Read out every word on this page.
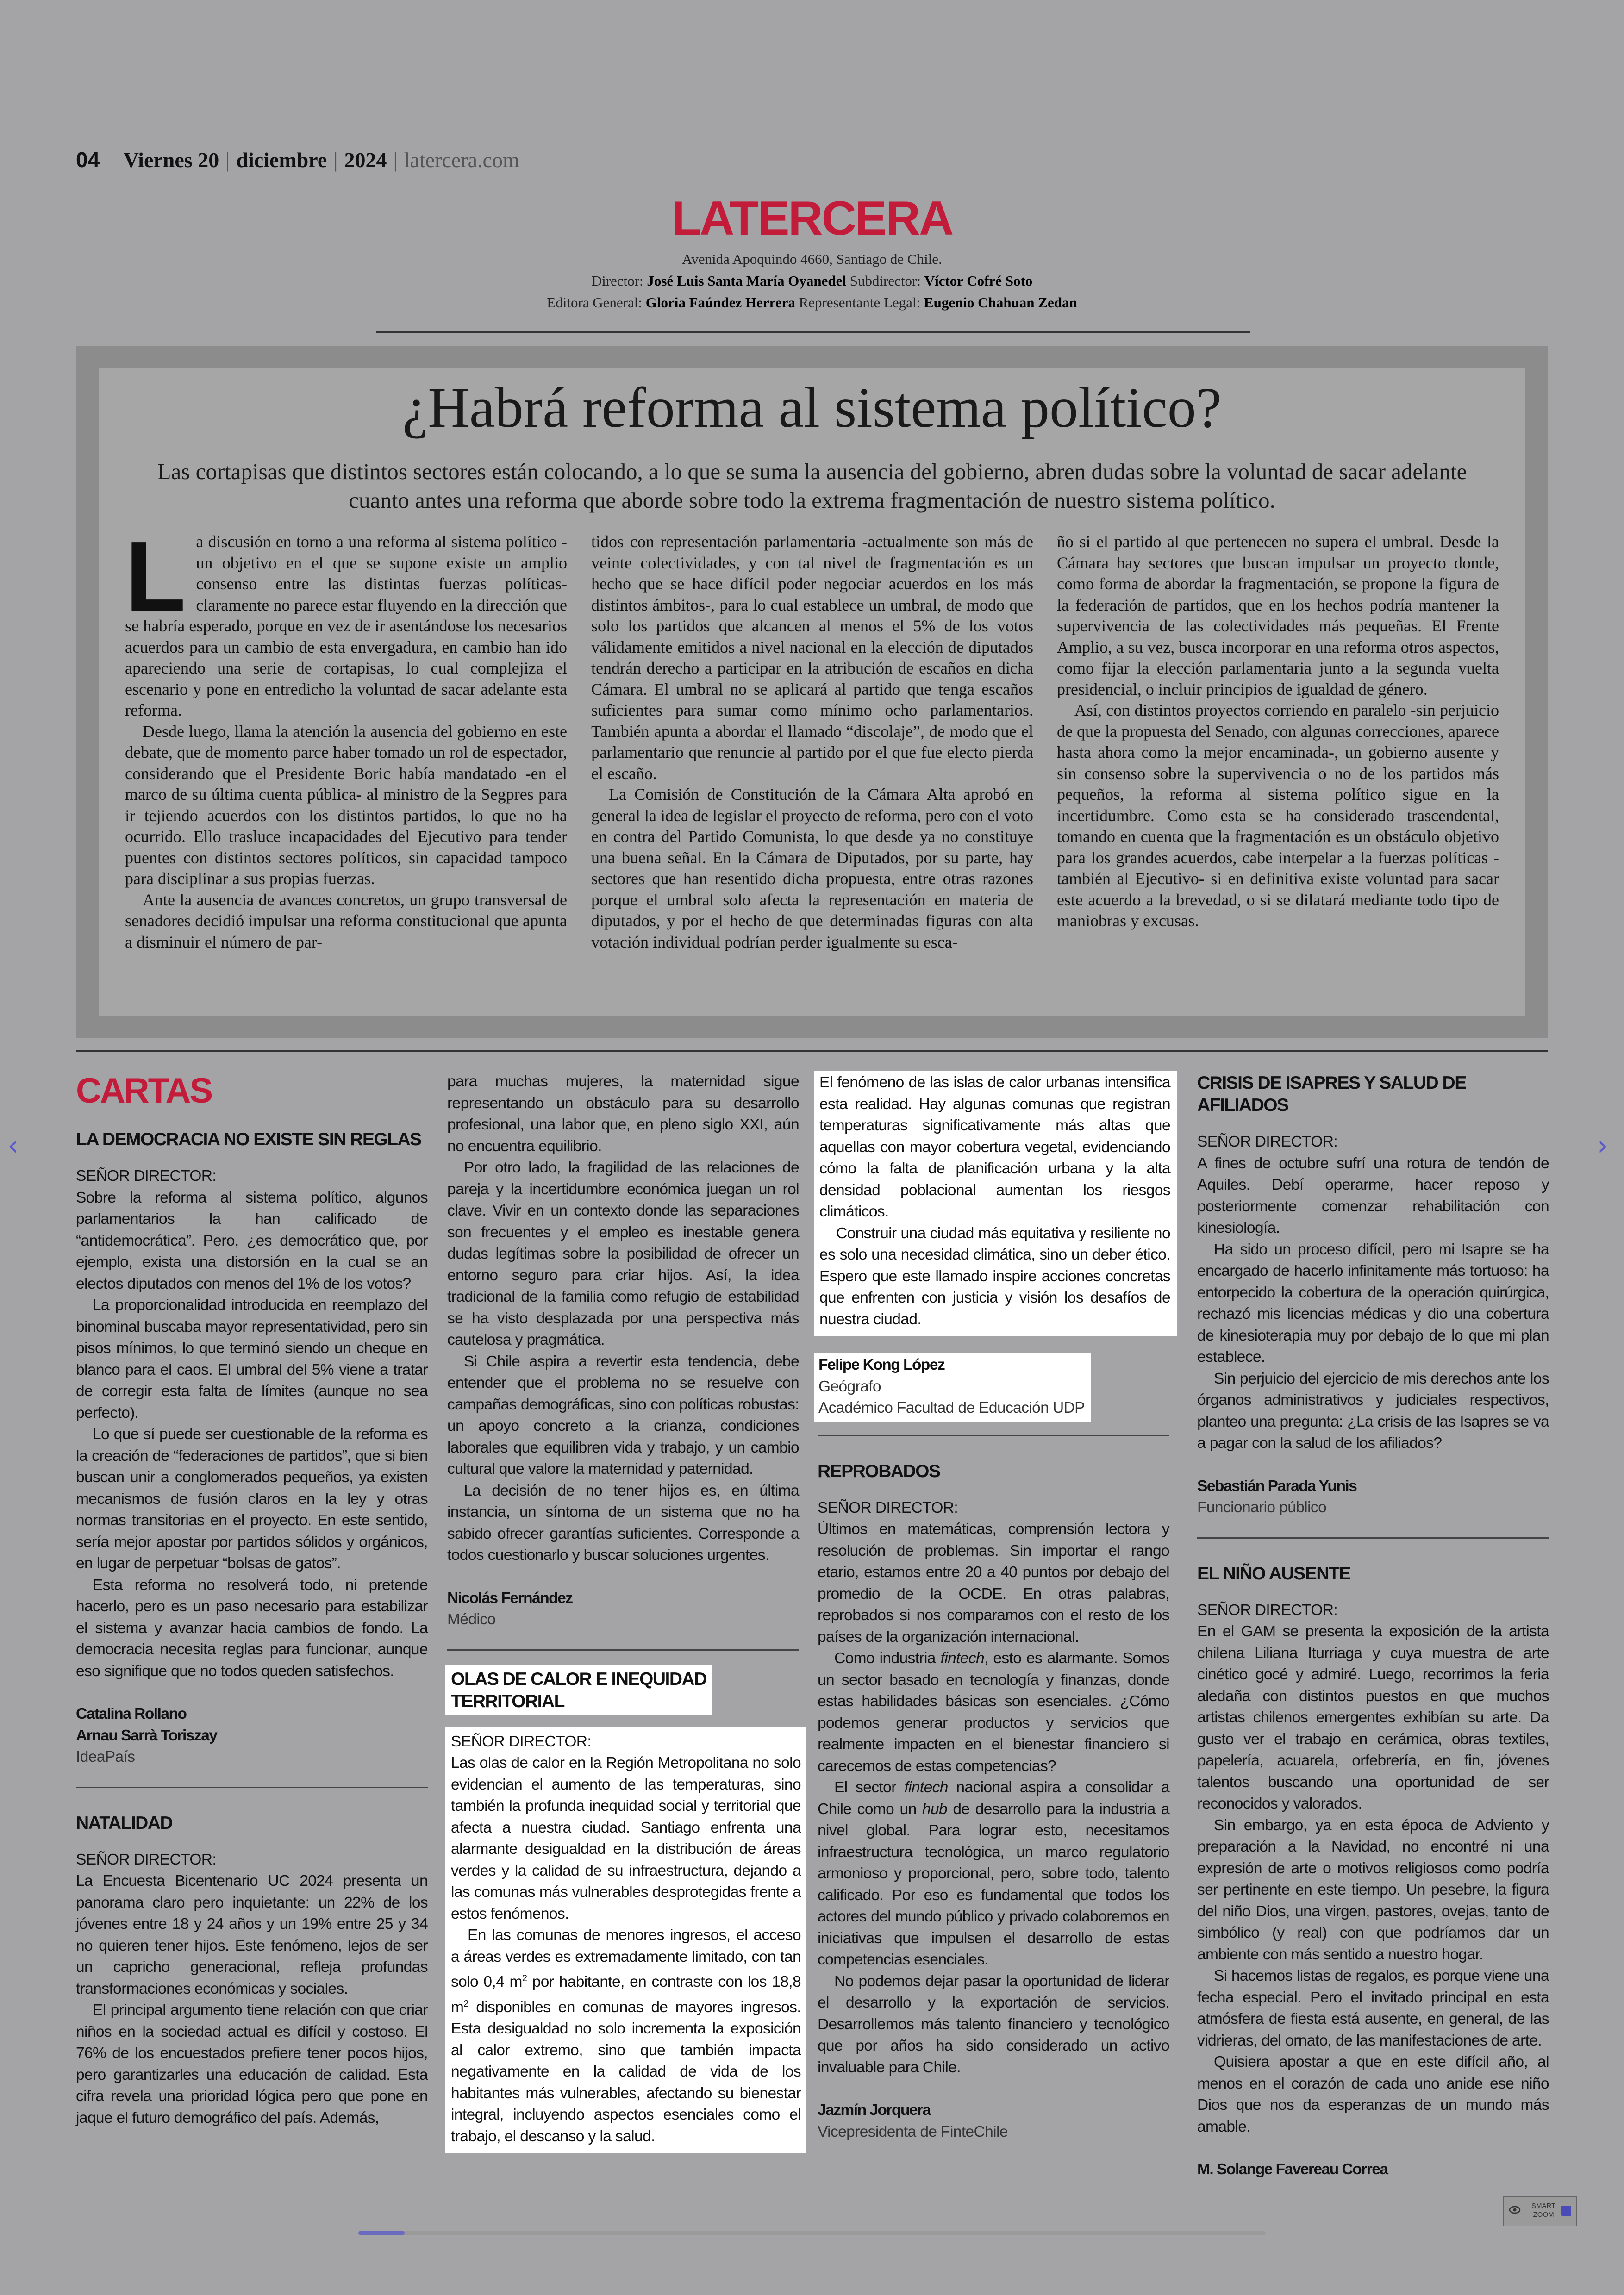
04 Viernes 20 | diciembre | 2024 | latercera.com
LATERCERA
Avenida Apoquindo 4660, Santiago de Chile.
Director: José Luis Santa María Oyanedel Subdirector: Víctor Cofré Soto
Editora General: Gloria Faúndez Herrera Representante Legal: Eugenio Chahuan Zedan
¿Habrá reforma al sistema político?
Las cortapisas que distintos sectores están colocando, a lo que se suma la ausencia del gobierno, abren dudas sobre la voluntad de sacar adelante cuanto antes una reforma que aborde sobre todo la extrema fragmentación de nuestro sistema político.

La discusión en torno a una reforma al sistema político -un objetivo en el que se supone existe un amplio consenso entre las distintas fuerzas políticas- claramente no parece estar fluyendo en la dirección que se habría esperado, porque en vez de ir asentándose los necesarios acuerdos para un cambio de esta envergadura, en cambio han ido apareciendo una serie de cortapisas, lo cual complejiza el escenario y pone en entredicho la voluntad de sacar adelante esta reforma.

Desde luego, llama la atención la ausencia del gobierno en este debate, que de momento parce haber tomado un rol de espectador, considerando que el Presidente Boric había mandatado -en el marco de su última cuenta pública- al ministro de la Segpres para ir tejiendo acuerdos con los distintos partidos, lo que no ha ocurrido. Ello trasluce incapacidades del Ejecutivo para tender puentes con distintos sectores políticos, sin capacidad tampoco para disciplinar a sus propias fuerzas.

Ante la ausencia de avances concretos, un grupo transversal de senadores decidió impulsar una reforma constitucional que apunta a disminuir el número de par-

tidos con representación parlamentaria -actualmente son más de veinte colectividades, y con tal nivel de fragmentación es un hecho que se hace difícil poder negociar acuerdos en los más distintos ámbitos-, para lo cual establece un umbral, de modo que solo los partidos que alcancen al menos el 5% de los votos válidamente emitidos a nivel nacional en la elección de diputados tendrán derecho a participar en la atribución de escaños en dicha Cámara. El umbral no se aplicará al partido que tenga escaños suficientes para sumar como mínimo ocho parlamentarios. También apunta a abordar el llamado “discolaje”, de modo que el parlamentario que renuncie al partido por el que fue electo pierda el escaño.

La Comisión de Constitución de la Cámara Alta aprobó en general la idea de legislar el proyecto de reforma, pero con el voto en contra del Partido Comunista, lo que desde ya no constituye una buena señal. En la Cámara de Diputados, por su parte, hay sectores que han resentido dicha propuesta, entre otras razones porque el umbral solo afecta la representación en materia de diputados, y por el hecho de que determinadas figuras con alta votación individual podrían perder igualmente su esca-

ño si el partido al que pertenecen no supera el umbral. Desde la Cámara hay sectores que buscan impulsar un proyecto donde, como forma de abordar la fragmentación, se propone la figura de la federación de partidos, que en los hechos podría mantener la supervivencia de las colectividades más pequeñas. El Frente Amplio, a su vez, busca incorporar en una reforma otros aspectos, como fijar la elección parlamentaria junto a la segunda vuelta presidencial, o incluir principios de igualdad de género.

Así, con distintos proyectos corriendo en paralelo -sin perjuicio de que la propuesta del Senado, con algunas correcciones, aparece hasta ahora como la mejor encaminada-, un gobierno ausente y sin consenso sobre la supervivencia o no de los partidos más pequeños, la reforma al sistema político sigue en la incertidumbre. Como esta se ha considerado trascendental, tomando en cuenta que la fragmentación es un obstáculo objetivo para los grandes acuerdos, cabe interpelar a la fuerzas políticas -también al Ejecutivo- si en definitiva existe voluntad para sacar este acuerdo a la brevedad, o si se dilatará mediante todo tipo de maniobras y excusas.

CARTAS
LA DEMOCRACIA NO EXISTE SIN REGLAS

SEÑOR DIRECTOR:

Sobre la reforma al sistema político, algunos parlamentarios la han calificado de “antidemocrática”. Pero, ¿es democrático que, por ejemplo, exista una distorsión en la cual se an electos diputados con menos del 1% de los votos?

La proporcionalidad introducida en reemplazo del binominal buscaba mayor representatividad, pero sin pisos mínimos, lo que terminó siendo un cheque en blanco para el caos. El umbral del 5% viene a tratar de corregir esta falta de límites (aunque no sea perfecto).

Lo que sí puede ser cuestionable de la reforma es la creación de “federaciones de partidos”, que si bien buscan unir a conglomerados pequeños, ya existen mecanismos de fusión claros en la ley y otras normas transitorias en el proyecto. En este sentido, sería mejor apostar por partidos sólidos y orgánicos, en lugar de perpetuar “bolsas de gatos”.

Esta reforma no resolverá todo, ni pretende hacerlo, pero es un paso necesario para estabilizar el sistema y avanzar hacia cambios de fondo. La democracia necesita reglas para funcionar, aunque eso signifique que no todos queden satisfechos.

Catalina Rollano
Arnau Sarrà Toriszay
IdeaPaís
NATALIDAD

SEÑOR DIRECTOR:

La Encuesta Bicentenario UC 2024 presenta un panorama claro pero inquietante: un 22% de los jóvenes entre 18 y 24 años y un 19% entre 25 y 34 no quieren tener hijos. Este fenómeno, lejos de ser un capricho generacional, refleja profundas transformaciones económicas y sociales.

El principal argumento tiene relación con que criar niños en la sociedad actual es difícil y costoso. El 76% de los encuestados prefiere tener pocos hijos, pero garantizarles una educación de calidad. Esta cifra revela una prioridad lógica pero que pone en jaque el futuro demográfico del país. Además,

para muchas mujeres, la maternidad sigue representando un obstáculo para su desarrollo profesional, una labor que, en pleno siglo XXI, aún no encuentra equilibrio.

Por otro lado, la fragilidad de las relaciones de pareja y la incertidumbre económica juegan un rol clave. Vivir en un contexto donde las separaciones son frecuentes y el empleo es inestable genera dudas legítimas sobre la posibilidad de ofrecer un entorno seguro para criar hijos. Así, la idea tradicional de la familia como refugio de estabilidad se ha visto desplazada por una perspectiva más cautelosa y pragmática.

Si Chile aspira a revertir esta tendencia, debe entender que el problema no se resuelve con campañas demográficas, sino con políticas robustas: un apoyo concreto a la crianza, condiciones laborales que equilibren vida y trabajo, y un cambio cultural que valore la maternidad y paternidad.

La decisión de no tener hijos es, en última instancia, un síntoma de un sistema que no ha sabido ofrecer garantías suficientes. Corresponde a todos cuestionarlo y buscar soluciones urgentes.

Nicolás Fernández
Médico
OLAS DE CALOR E INEQUIDAD
TERRITORIAL

SEÑOR DIRECTOR:

Las olas de calor en la Región Metropolitana no solo evidencian el aumento de las temperaturas, sino también la profunda inequidad social y territorial que afecta a nuestra ciudad. Santiago enfrenta una alarmante desigualdad en la distribución de áreas verdes y la calidad de su infraestructura, dejando a las comunas más vulnerables desprotegidas frente a estos fenómenos.

En las comunas de menores ingresos, el acceso a áreas verdes es extremadamente limitado, con tan solo 0,4 $m^2$ por habitante, en contraste con los 18,8 $m^2$ disponibles en comunas de mayores ingresos. Esta desigualdad no solo incrementa la exposición al calor extremo, sino que también impacta negativamente en la calidad de vida de los habitantes más vulnerables, afectando su bienestar integral, incluyendo aspectos esenciales como el trabajo, el descanso y la salud.

El fenómeno de las islas de calor urbanas intensifica esta realidad. Hay algunas comunas que registran temperaturas significativamente más altas que aquellas con mayor cobertura vegetal, evidenciando cómo la falta de planificación urbana y la alta densidad poblacional aumentan los riesgos climáticos.

Construir una ciudad más equitativa y resiliente no es solo una necesidad climática, sino un deber ético. Espero que este llamado inspire acciones concretas que enfrenten con justicia y visión los desafíos de nuestra ciudad.

Felipe Kong López
Geógrafo
Académico Facultad de Educación UDP
REPROBADOS

SEÑOR DIRECTOR:

Últimos en matemáticas, comprensión lectora y resolución de problemas. Sin importar el rango etario, estamos entre 20 a 40 puntos por debajo del promedio de la OCDE. En otras palabras, reprobados si nos comparamos con el resto de los países de la organización internacional.

Como industria fintech, esto es alarmante. Somos un sector basado en tecnología y finanzas, donde estas habilidades básicas son esenciales. ¿Cómo podemos generar productos y servicios que realmente impacten en el bienestar financiero si carecemos de estas competencias?

El sector fintech nacional aspira a consolidar a Chile como un hub de desarrollo para la industria a nivel global. Para lograr esto, necesitamos infraestructura tecnológica, un marco regulatorio armonioso y proporcional, pero, sobre todo, talento calificado. Por eso es fundamental que todos los actores del mundo público y privado colaboremos en iniciativas que impulsen el desarrollo de estas competencias esenciales.

No podemos dejar pasar la oportunidad de liderar el desarrollo y la exportación de servicios. Desarrollemos más talento financiero y tecnológico que por años ha sido considerado un activo invaluable para Chile.

Jazmín Jorquera
Vicepresidenta de FinteChile
CRISIS DE ISAPRES Y SALUD DE
AFILIADOS

SEÑOR DIRECTOR:

A fines de octubre sufrí una rotura de tendón de Aquiles. Debí operarme, hacer reposo y posteriormente comenzar rehabilitación con kinesiología.

Ha sido un proceso difícil, pero mi Isapre se ha encargado de hacerlo infinitamente más tortuoso: ha entorpecido la cobertura de la operación quirúrgica, rechazó mis licencias médicas y dio una cobertura de kinesioterapia muy por debajo de lo que mi plan establece.

Sin perjuicio del ejercicio de mis derechos ante los órganos administrativos y judiciales respectivos, planteo una pregunta: ¿La crisis de las Isapres se va a pagar con la salud de los afiliados?

Sebastián Parada Yunis
Funcionario público
EL NIÑO AUSENTE

SEÑOR DIRECTOR:

En el GAM se presenta la exposición de la artista chilena Liliana Iturriaga y cuya muestra de arte cinético gocé y admiré. Luego, recorrimos la feria aledaña con distintos puestos en que muchos artistas chilenos emergentes exhibían su arte. Da gusto ver el trabajo en cerámica, obras textiles, papelería, acuarela, orfebrería, en fin, jóvenes talentos buscando una oportunidad de ser reconocidos y valorados.

Sin embargo, ya en esta época de Adviento y preparación a la Navidad, no encontré ni una expresión de arte o motivos religiosos como podría ser pertinente en este tiempo. Un pesebre, la figura del niño Dios, una virgen, pastores, ovejas, tanto de simbólico (y real) con que podríamos dar un ambiente con más sentido a nuestro hogar.

Si hacemos listas de regalos, es porque viene una fecha especial. Pero el invitado principal en esta atmósfera de fiesta está ausente, en general, de las vidrieras, del ornato, de las manifestaciones de arte.

Quisiera apostar a que en este difícil año, al menos en el corazón de cada uno anide ese niño Dios que nos da esperanzas de un mundo más amable.

M. Solange Favereau Correa
‹	›
SMART
ZOOM
